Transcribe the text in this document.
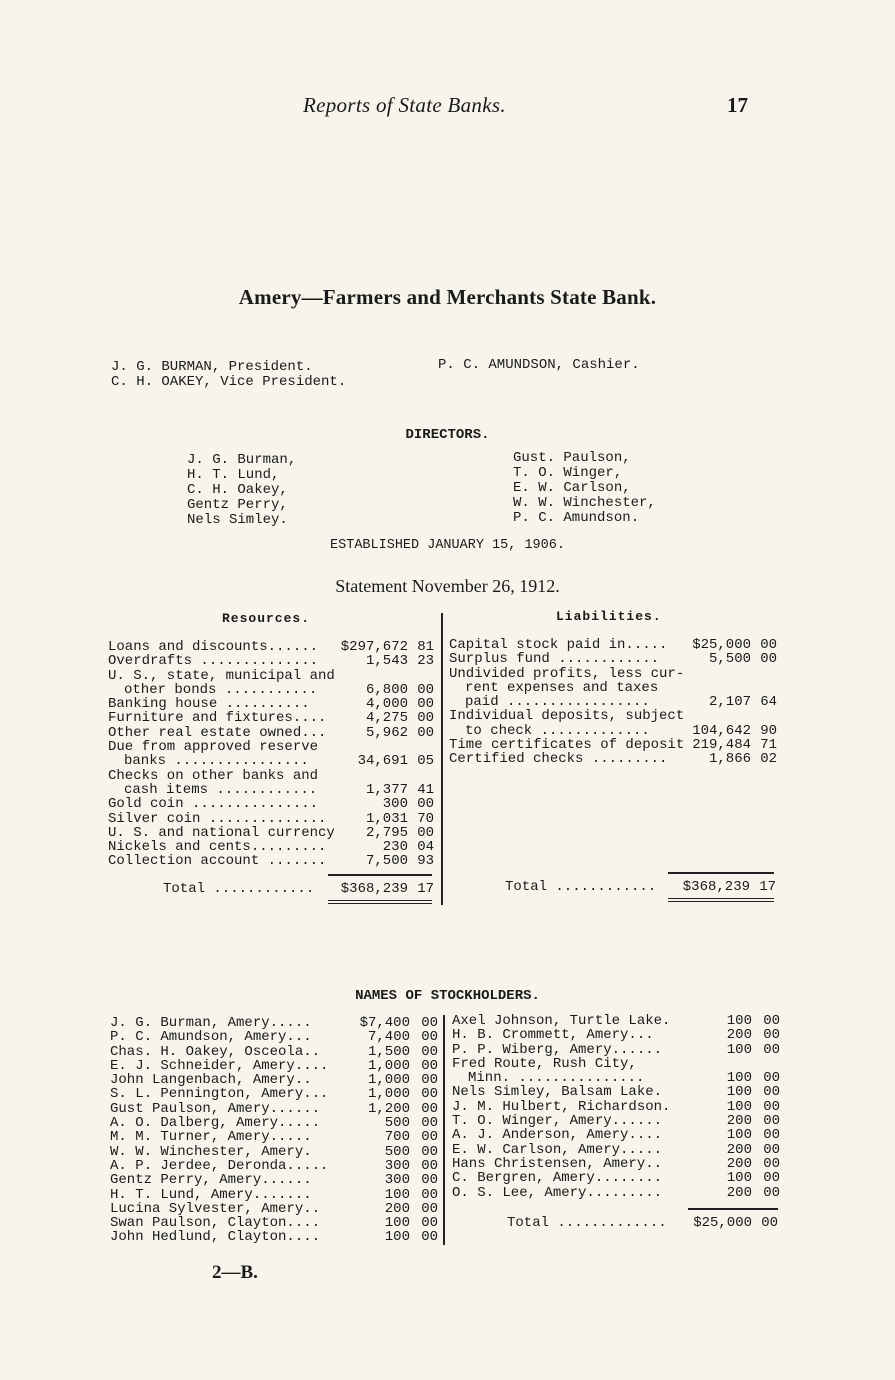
Reports of State Banks.	17
Amery—Farmers and Merchants State Bank.
J. G. BURMAN, President.
C. H. OAKEY, Vice President.
P. C. AMUNDSON, Cashier.
DIRECTORS.
J. G. Burman,
H. T. Lund,
C. H. Oakey,
Gentz Perry,
Nels Simley.
Gust. Paulson,
T. O. Winger,
E. W. Carlson,
W. W. Winchester,
P. C. Amundson.
ESTABLISHED JANUARY 15, 1906.
Statement November 26, 1912.
Resources.	Liabilities.
Loans and discounts...... $297,672 81
Overdrafts ..............	1,543 23
U. S., state, municipal and
other bonds ...........	6,800 00
Banking house ..........	4,000 00
Furniture and fixtures....	4,275 00
Other real estate owned...	5,962 00
Due from approved reserve
banks ................	34,691 05
Checks on other banks and
cash items ............	1,377 41
Gold coin ...............	300 00
Silver coin ..............	1,031 70
U. S. and national currency 2,795 00
Nickels and cents.........	230 04
Collection account .......	7,500 93
Capital stock paid in..... $25,000 00
Surplus fund ............	5,500 00
Undivided profits, less cur-
rent expenses and taxes
paid .................	2,107 64
Individual deposits, subject
to check .............	104,642 90
Time certificates of deposit 219,484 71
Certified checks .........	1,866 02
Total ............	$368,239 17	Total ............	$368,239 17
NAMES OF STOCKHOLDERS.
J. G. Burman, Amery.....	$7,400 00
P. C. Amundson, Amery...	7,400 00
Chas. H. Oakey, Osceola..	1,500 00
E. J. Schneider, Amery....	1,000 00
John Langenbach, Amery..	1,000 00
S. L. Pennington, Amery...	1,000 00
Gust Paulson, Amery......	1,200 00
A. O. Dalberg, Amery.....	500 00
M. M. Turner, Amery.....	700 00
W. W. Winchester, Amery.	500 00
A. P. Jerdee, Deronda.....	300 00
Gentz Perry, Amery......	300 00
H. T. Lund, Amery.......	100 00
Lucina Sylvester, Amery..	200 00
Swan Paulson, Clayton....	100 00
John Hedlund, Clayton....	100 00
Axel Johnson, Turtle Lake.	100 00
H. B. Crommett, Amery...	200 00
P. P. Wiberg, Amery......	100 00
Fred Route, Rush City,
Minn. ...............	100 00
Nels Simley, Balsam Lake.	100 00
J. M. Hulbert, Richardson.	100 00
T. O. Winger, Amery......	200 00
A. J. Anderson, Amery....	100 00
E. W. Carlson, Amery.....	200 00
Hans Christensen, Amery..	200 00
C. Bergren, Amery........	100 00
O. S. Lee, Amery.........	200 00
Total .............	$25,000 00
2—B.
